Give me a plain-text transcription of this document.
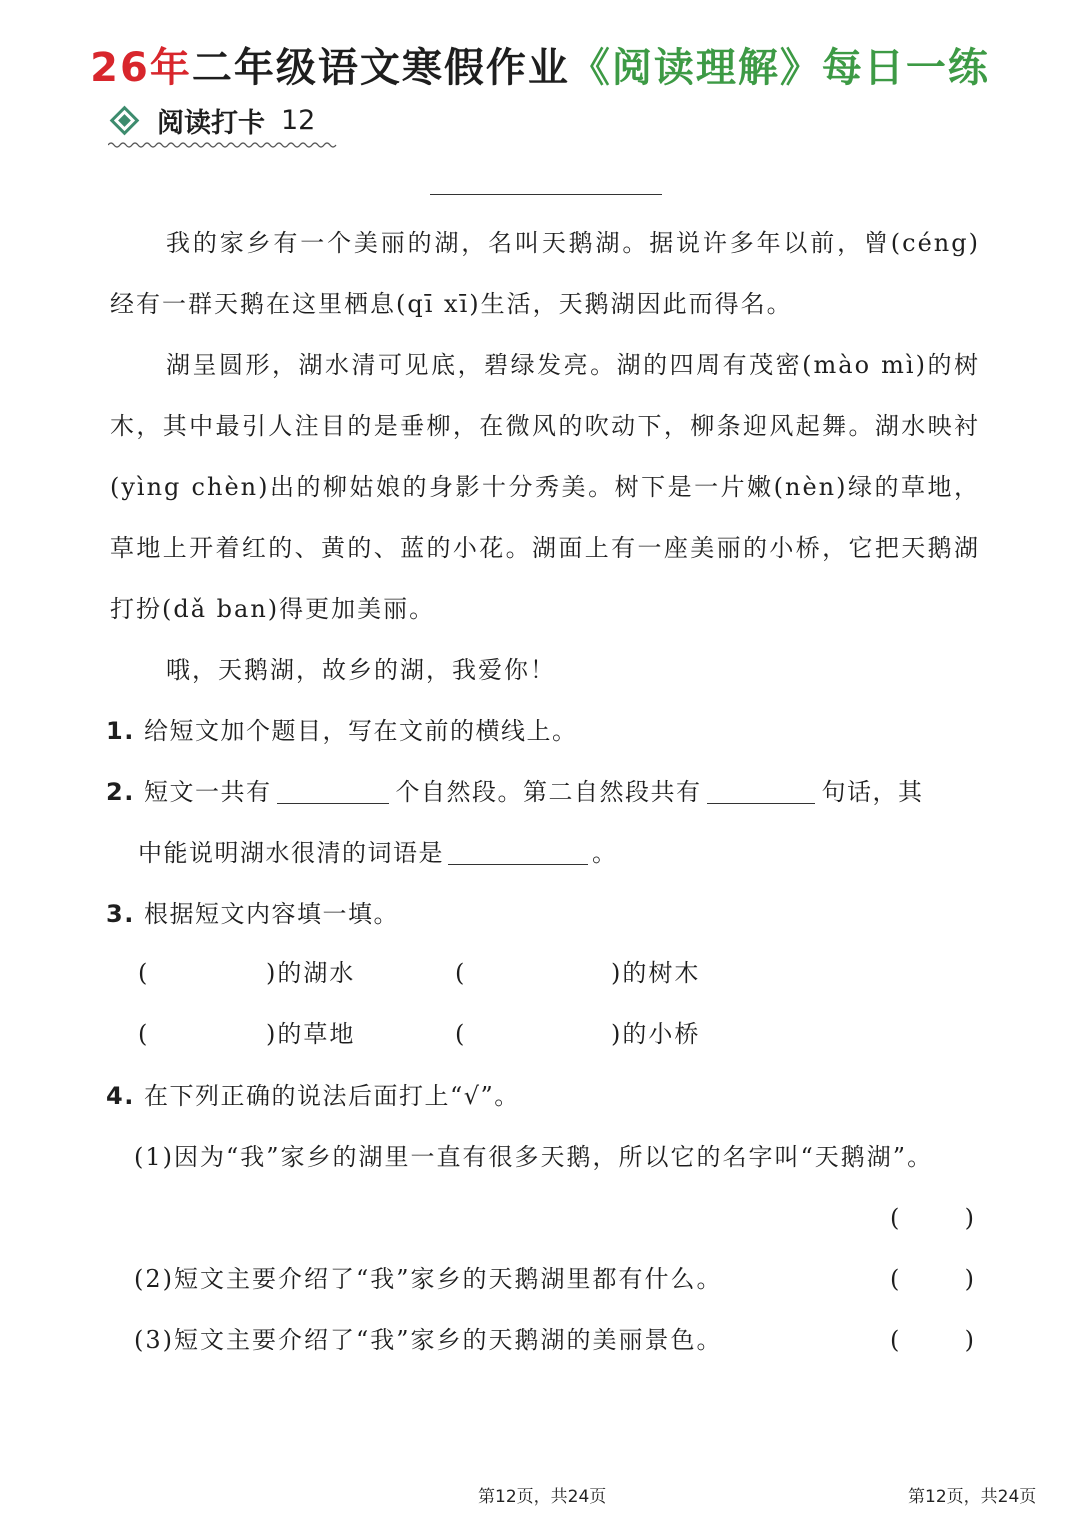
26年二年级语文寒假作业《阅读理解》每日一练
阅读打卡 12

我的家乡有一个美丽的湖，名叫天鹅湖。据说许多年以前，曾(céng)经有一群天鹅在这里栖息(qī xī)生活，天鹅湖因此而得名。

湖呈圆形，湖水清可见底，碧绿发亮。湖的四周有茂密(mào mì)的树木，其中最引人注目的是垂柳，在微风的吹动下，柳条迎风起舞。湖水映衬(yìng chèn)出的柳姑娘的身影十分秀美。树下是一片嫩(nèn)绿的草地，草地上开着红的、黄的、蓝的小花。湖面上有一座美丽的小桥，它把天鹅湖打扮(dǎ ban)得更加美丽。

哦，天鹅湖，故乡的湖，我爱你！

1. 给短文加个题目，写在文前的横线上。

2. 短文一共有	个自然段。第二自然段共有	句话，其

中能说明湖水很清的词语是	。

3. 根据短文内容填一填。

(	)的湖水	(	)的树木
(	)的草地	(	)的小桥

4. 在下列正确的说法后面打上“√”。

(1)因为“我”家乡的湖里一直有很多天鹅，所以它的名字叫“天鹅湖”。

(	)

(2)短文主要介绍了“我”家乡的天鹅湖里都有什么。	(	)

(3)短文主要介绍了“我”家乡的天鹅湖的美丽景色。	(	)
第12页，共24页	第12页，共24页
